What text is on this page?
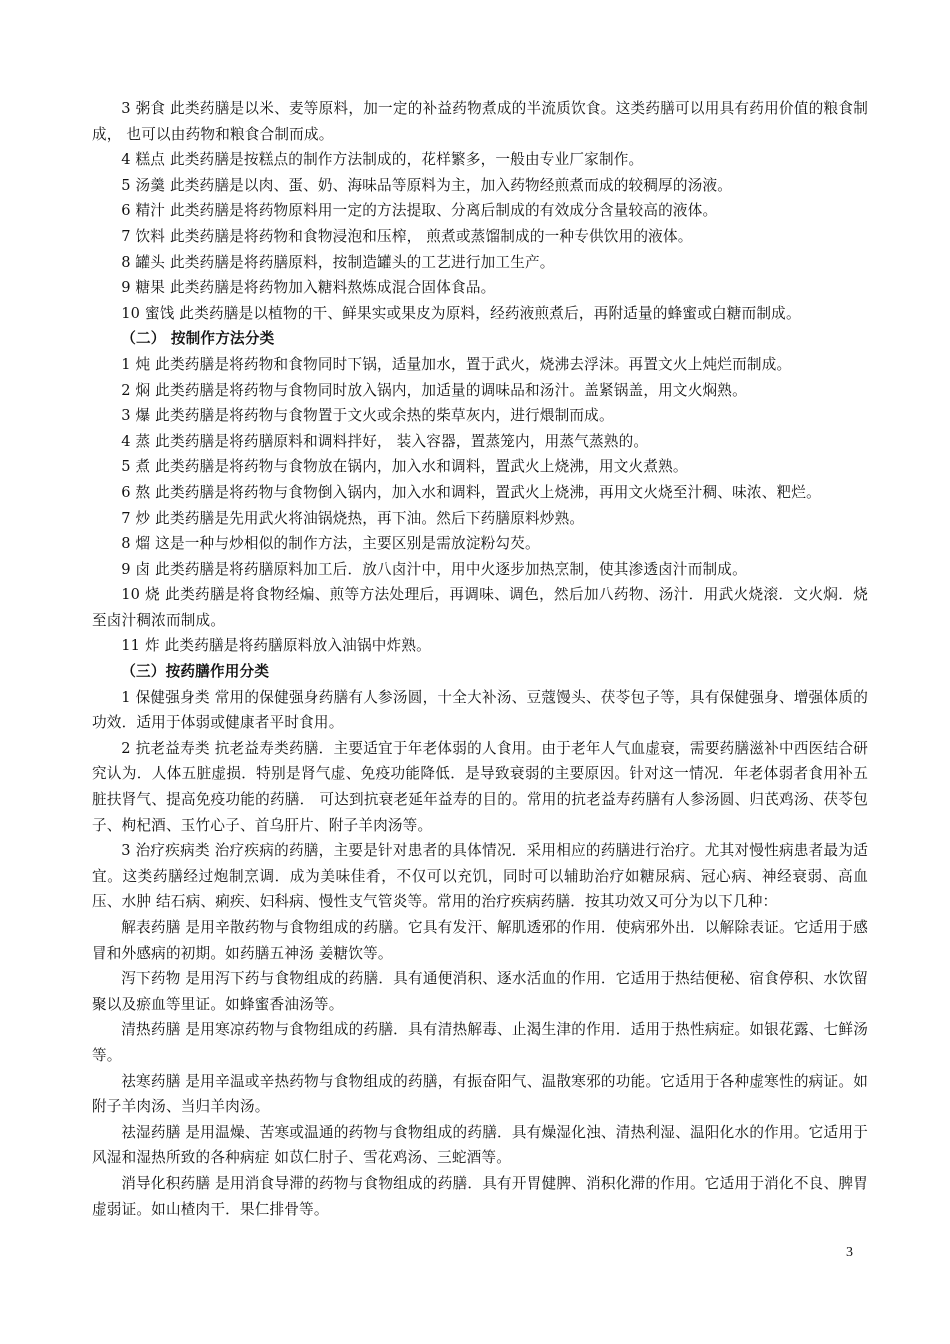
3 粥食 此类药膳是以米、麦等原料，加一定的补益药物煮成的半流质饮食。这类药膳可以用具有药用价值的粮食制成， 也可以由药物和粮食合制而成。

4 糕点 此类药膳是按糕点的制作方法制成的，花样繁多，一般由专业厂家制作。

5 汤羹 此类药膳是以肉、蛋、奶、海味品等原料为主，加入药物经煎煮而成的较稠厚的汤液。

6 精汁 此类药膳是将药物原料用一定的方法提取、分离后制成的有效成分含量较高的液体。

7 饮料 此类药膳是将药物和食物浸泡和压榨， 煎煮或蒸馏制成的一种专供饮用的液体。

8 罐头 此类药膳是将药膳原料，按制造罐头的工艺进行加工生产。

9 糖果 此类药膳是将药物加入糖料熬炼成混合固体食品。

10 蜜饯 此类药膳是以植物的干、鲜果实或果皮为原料，经药液煎煮后，再附适量的蜂蜜或白糖而制成。

（二） 按制作方法分类

1 炖 此类药膳是将药物和食物同时下锅，适量加水，置于武火，烧沸去浮沫。再置文火上炖烂而制成。

2 焖 此类药膳是将药物与食物同时放入锅内，加适量的调味品和汤汁。盖紧锅盖，用文火焖熟。

3 爆 此类药膳是将药物与食物置于文火或余热的柴草灰内，进行煨制而成。

4 蒸 此类药膳是将药膳原料和调料拌好， 装入容器，置蒸笼内，用蒸气蒸熟的。

5 煮 此类药膳是将药物与食物放在锅内，加入水和调料，置武火上烧沸，用文火煮熟。

6 熬 此类药膳是将药物与食物倒入锅内，加入水和调料，置武火上烧沸，再用文火烧至汁稠、味浓、粑烂。

7 炒 此类药膳是先用武火将油锅烧热，再下油。然后下药膳原料炒熟。

8 熘 这是一种与炒相似的制作方法，主要区别是需放淀粉勾芡。

9 卤 此类药膳是将药膳原料加工后．放八卤汁中，用中火逐步加热烹制，使其渗透卤汁而制成。

10 烧 此类药膳是将食物经煸、煎等方法处理后，再调味、调色，然后加八药物、汤汁．用武火烧滚．文火焖．烧至卤汁稠浓而制成。

11 炸 此类药膳是将药膳原料放入油锅中炸熟。

（三）按药膳作用分类

1 保健强身类 常用的保健强身药膳有人参汤圆，十全大补汤、豆蔻馒头、茯苓包子等，具有保健强身、增强体质的功效．适用于体弱或健康者平时食用。

2 抗老益寿类 抗老益寿类药膳．主要适宜于年老体弱的人食用。由于老年人气血虚衰，需要药膳滋补中西医结合研究认为．人体五脏虚损．特别是肾气虚、免疫功能降低．是导致衰弱的主要原因。针对这一情况．年老体弱者食用补五脏扶肾气、提高免疫功能的药膳． 可达到抗衰老延年益寿的目的。常用的抗老益寿药膳有人参汤圆、归芪鸡汤、茯苓包子、枸杞酒、玉竹心子、首乌肝片、附子羊肉汤等。

3 治疗疾病类 治疗疾病的药膳，主要是针对患者的具体情况．采用相应的药膳进行治疗。尤其对慢性病患者最为适宜。这类药膳经过炮制烹调．成为美味佳肴，不仅可以充饥，同时可以辅助治疗如糖尿病、冠心病、神经衰弱、高血压、水肿 结石病、痢疾、妇科病、慢性支气管炎等。常用的治疗疾病药膳．按其功效又可分为以下几种：

解表药膳 是用辛散药物与食物组成的药膳。它具有发汗、解肌透邪的作用．使病邪外出．以解除表证。它适用于感冒和外感病的初期。如药膳五神汤 姜糖饮等。

泻下药物 是用泻下药与食物组成的药膳．具有通便消积、逐水活血的作用．它适用于热结便秘、宿食停积、水饮留聚以及瘀血等里证。如蜂蜜香油汤等。

清热药膳 是用寒凉药物与食物组成的药膳．具有清热解毒、止渴生津的作用．适用于热性病症。如银花露、七鲜汤等。

祛寒药膳 是用辛温或辛热药物与食物组成的药膳，有振奋阳气、温散寒邪的功能。它适用于各种虚寒性的病证。如附子羊肉汤、当归羊肉汤。

祛湿药膳 是用温燥、苦寒或温通的药物与食物组成的药膳．具有燥湿化浊、清热利湿、温阳化水的作用。它适用于风湿和湿热所致的各种病症 如苡仁肘子、雪花鸡汤、三蛇酒等。

消导化积药膳 是用消食导滞的药物与食物组成的药膳．具有开胃健脾、消积化滞的作用。它适用于消化不良、脾胃虚弱证。如山楂肉干．果仁排骨等。

3
